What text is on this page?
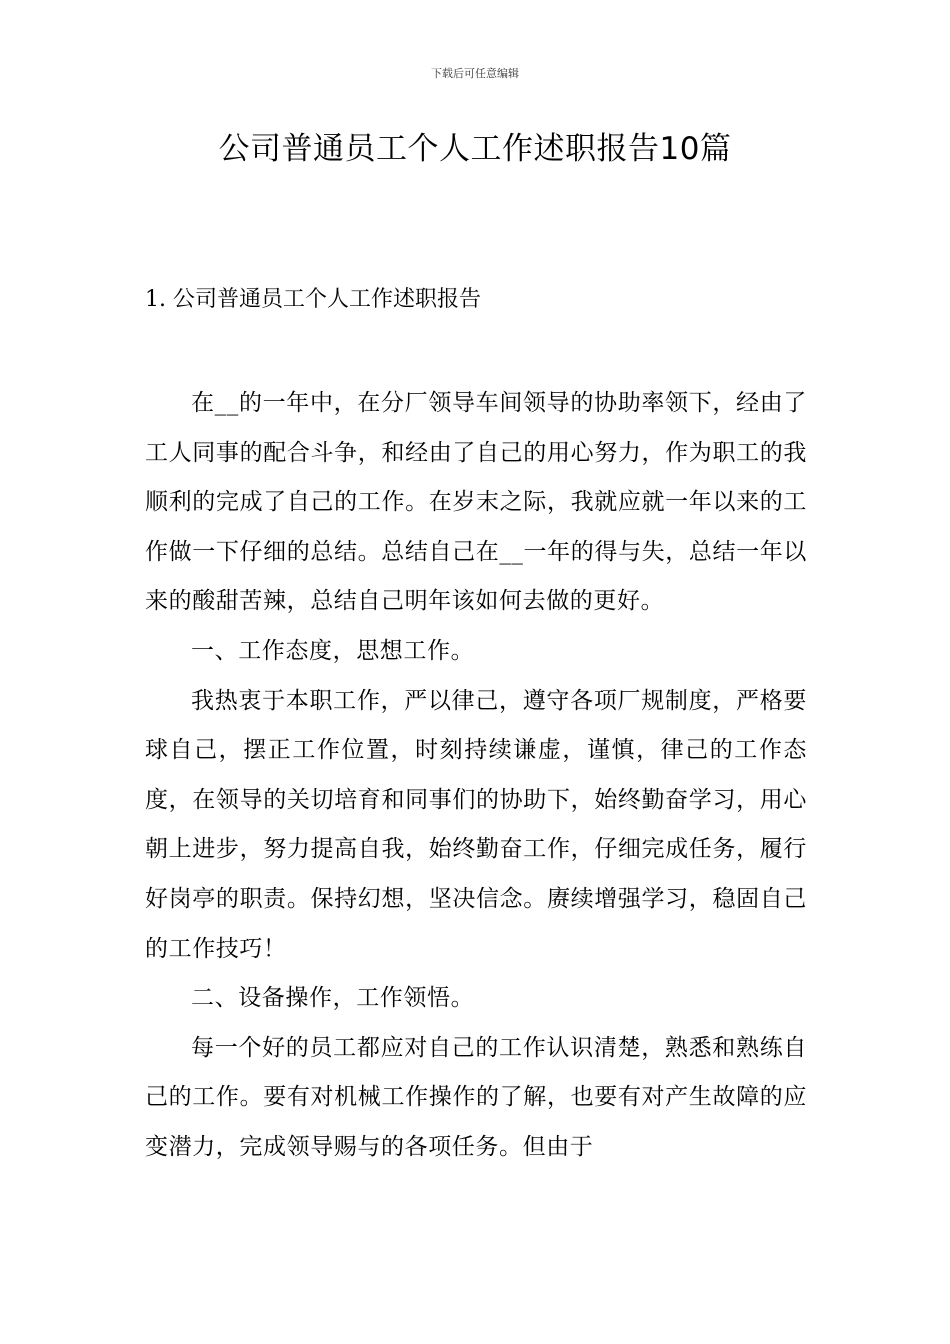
下载后可任意编辑
公司普通员工个人工作述职报告10篇
1. 公司普通员工个人工作述职报告

在__的一年中，在分厂领导车间领导的协助率领下，经由了工人同事的配合斗争，和经由了自己的用心努力，作为职工的我顺利的完成了自己的工作。在岁末之际，我就应就一年以来的工作做一下仔细的总结。总结自己在__一年的得与失，总结一年以来的酸甜苦辣，总结自己明年该如何去做的更好。

一、工作态度，思想工作。

我热衷于本职工作，严以律己，遵守各项厂规制度，严格要球自己，摆正工作位置，时刻持续谦虚，谨慎，律己的工作态度，在领导的关切培育和同事们的协助下，始终勤奋学习，用心朝上进步，努力提高自我，始终勤奋工作，仔细完成任务，履行好岗亭的职责。保持幻想，坚决信念。赓续增强学习，稳固自己的工作技巧！

二、设备操作，工作领悟。

每一个好的员工都应对自己的工作认识清楚，熟悉和熟练自己的工作。要有对机械工作操作的了解，也要有对产生故障的应变潜力，完成领导赐与的各项任务。但由于
